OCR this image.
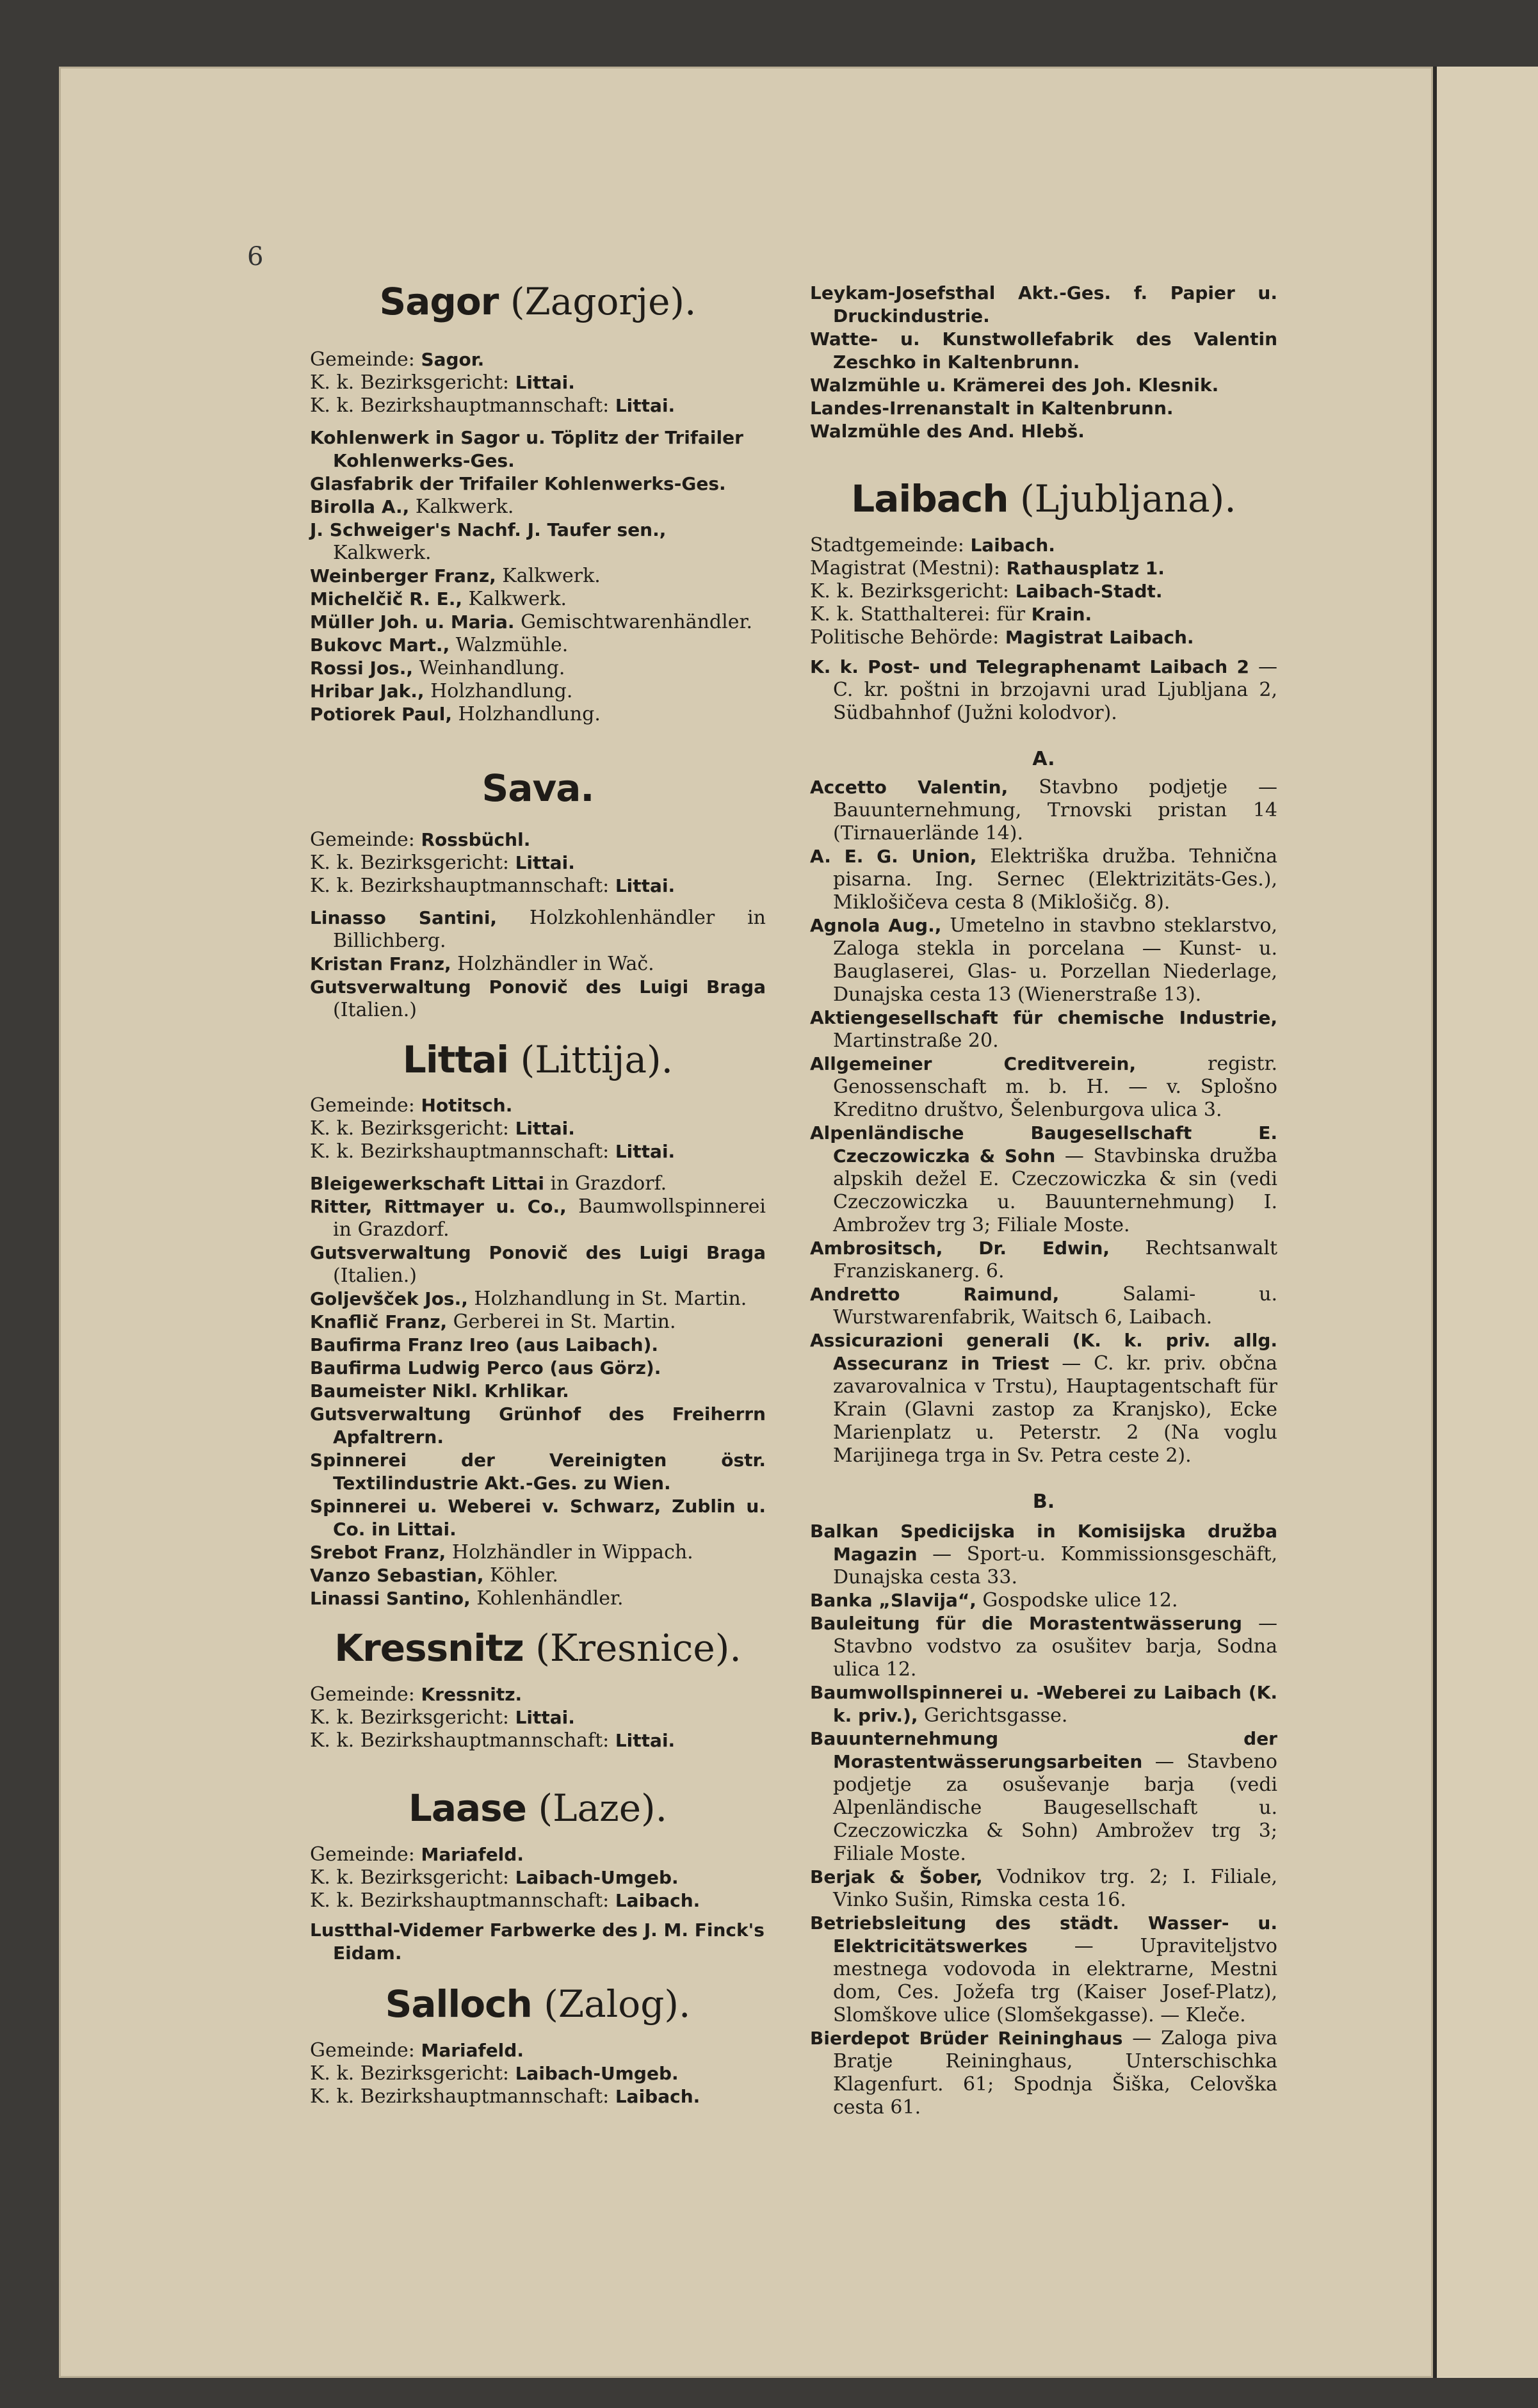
6

Sagor (Zagorje).

Gemeinde: Sagor.

K. k. Bezirksgericht: Littai.

K. k. Bezirkshauptmannschaft: Littai.

Kohlenwerk in Sagor u. Töplitz der Trifailer Kohlenwerks-Ges.

Glasfabrik der Trifailer Kohlenwerks-Ges.

Birolla A., Kalkwerk.

J. Schweiger's Nachf. J. Taufer sen., Kalkwerk.

Weinberger Franz, Kalkwerk.

Michelčič R. E., Kalkwerk.

Müller Joh. u. Maria. Gemischtwarenhändler.

Bukovc Mart., Walzmühle.

Rossi Jos., Weinhandlung.

Hribar Jak., Holzhandlung.

Potiorek Paul, Holzhandlung.

Sava.

Gemeinde: Rossbüchl.

K. k. Bezirksgericht: Littai.

K. k. Bezirkshauptmannschaft: Littai.

Linasso Santini, Holzkohlenhändler in Billichberg.

Kristan Franz, Holzhändler in Wač.

Gutsverwaltung Ponovič des Luigi Braga (Italien.)

Littai (Littija).

Gemeinde: Hotitsch.

K. k. Bezirksgericht: Littai.

K. k. Bezirkshauptmannschaft: Littai.

Bleigewerkschaft Littai in Grazdorf.

Ritter, Rittmayer u. Co., Baumwollspinnerei in Grazdorf.

Gutsverwaltung Ponovič des Luigi Braga (Italien.)

Goljevšček Jos., Holzhandlung in St. Martin.

Knaflič Franz, Gerberei in St. Martin.

Baufirma Franz Ireo (aus Laibach).

Baufirma Ludwig Perco (aus Görz).

Baumeister Nikl. Krhlikar.

Gutsverwaltung Grünhof des Freiherrn Apfaltrern.

Spinnerei der Vereinigten östr. Textilindustrie Akt.-Ges. zu Wien.

Spinnerei u. Weberei v. Schwarz, Zublin u. Co. in Littai.

Srebot Franz, Holzhändler in Wippach.

Vanzo Sebastian, Köhler.

Linassi Santino, Kohlenhändler.

Kressnitz (Kresnice).

Gemeinde: Kressnitz.

K. k. Bezirksgericht: Littai.

K. k. Bezirkshauptmannschaft: Littai.

Laase (Laze).

Gemeinde: Mariafeld.

K. k. Bezirksgericht: Laibach-Umgeb.

K. k. Bezirkshauptmannschaft: Laibach.

Lustthal-Videmer Farbwerke des J. M. Finck's Eidam.

Salloch (Zalog).

Gemeinde: Mariafeld.

K. k. Bezirksgericht: Laibach-Umgeb.

K. k. Bezirkshauptmannschaft: Laibach.

Leykam-Josefsthal Akt.-Ges. f. Papier u. Druckindustrie.

Watte- u. Kunstwollefabrik des Valentin Zeschko in Kaltenbrunn.

Walzmühle u. Krämerei des Joh. Klesnik.

Landes-Irrenanstalt in Kaltenbrunn.

Walzmühle des And. Hlebš.

Laibach (Ljubljana).

Stadtgemeinde: Laibach.

Magistrat (Mestni): Rathausplatz 1.

K. k. Bezirksgericht: Laibach-Stadt.

K. k. Statthalterei: für Krain.

Politische Behörde: Magistrat Laibach.

K. k. Post- und Telegraphenamt Laibach 2 — C. kr. poštni in brzojavni urad Ljubljana 2, Südbahnhof (Južni kolodvor).

A.

Accetto Valentin, Stavbno podjetje — Bauunternehmung, Trnovski pristan 14 (Tirnauerlände 14).

A. E. G. Union, Elektriška družba. Tehnična pisarna. Ing. Sernec (Elektrizitäts-Ges.), Miklošičeva cesta 8 (Miklošičg. 8).

Agnola Aug., Umetelno in stavbno steklarstvo, Zaloga stekla in porcelana — Kunst- u. Bauglaserei, Glas- u. Porzellan Niederlage, Dunajska cesta 13 (Wienerstraße 13).

Aktiengesellschaft für chemische Industrie, Martinstraße 20.

Allgemeiner Creditverein, registr. Genossenschaft m. b. H. — v. Splošno Kreditno društvo, Šelenburgova ulica 3.

Alpenländische Baugesellschaft E. Czeczowiczka & Sohn — Stavbinska družba alpskih dežel E. Czeczowiczka & sin (vedi Czeczowiczka u. Bauunternehmung) I. Ambrožev trg 3; Filiale Moste.

Ambrositsch, Dr. Edwin, Rechtsanwalt Franziskanerg. 6.

Andretto Raimund, Salami- u. Wurstwarenfabrik, Waitsch 6, Laibach.

Assicurazioni generali (K. k. priv. allg. Assecuranz in Triest — C. kr. priv. občna zavarovalnica v Trstu), Hauptagentschaft für Krain (Glavni zastop za Kranjsko), Ecke Marienplatz u. Peterstr. 2 (Na voglu Marijinega trga in Sv. Petra ceste 2).

B.

Balkan Spedicijska in Komisijska družba Magazin — Sport-u. Kommissionsgeschäft, Dunajska cesta 33.

Banka „Slavija“, Gospodske ulice 12.

Bauleitung für die Morastentwässerung — Stavbno vodstvo za osušitev barja, Sodna ulica 12.

Baumwollspinnerei u. -Weberei zu Laibach (K. k. priv.), Gerichtsgasse.

Bauunternehmung der Morastentwässerungsarbeiten — Stavbeno podjetje za osuševanje barja (vedi Alpenländische Baugesellschaft u. Czeczowiczka & Sohn) Ambrožev trg 3; Filiale Moste.

Berjak & Šober, Vodnikov trg. 2; I. Filiale, Vinko Sušin, Rimska cesta 16.

Betriebsleitung des städt. Wasser- u. Elektricitätswerkes — Upraviteljstvo mestnega vodovoda in elektrarne, Mestni dom, Ces. Jožefa trg (Kaiser Josef-Platz), Slomškove ulice (Slomšekgasse). — Kleče.

Bierdepot Brüder Reininghaus — Zaloga piva Bratje Reininghaus, Unterschischka Klagenfurt. 61; Spodnja Šiška, Celovška cesta 61.
